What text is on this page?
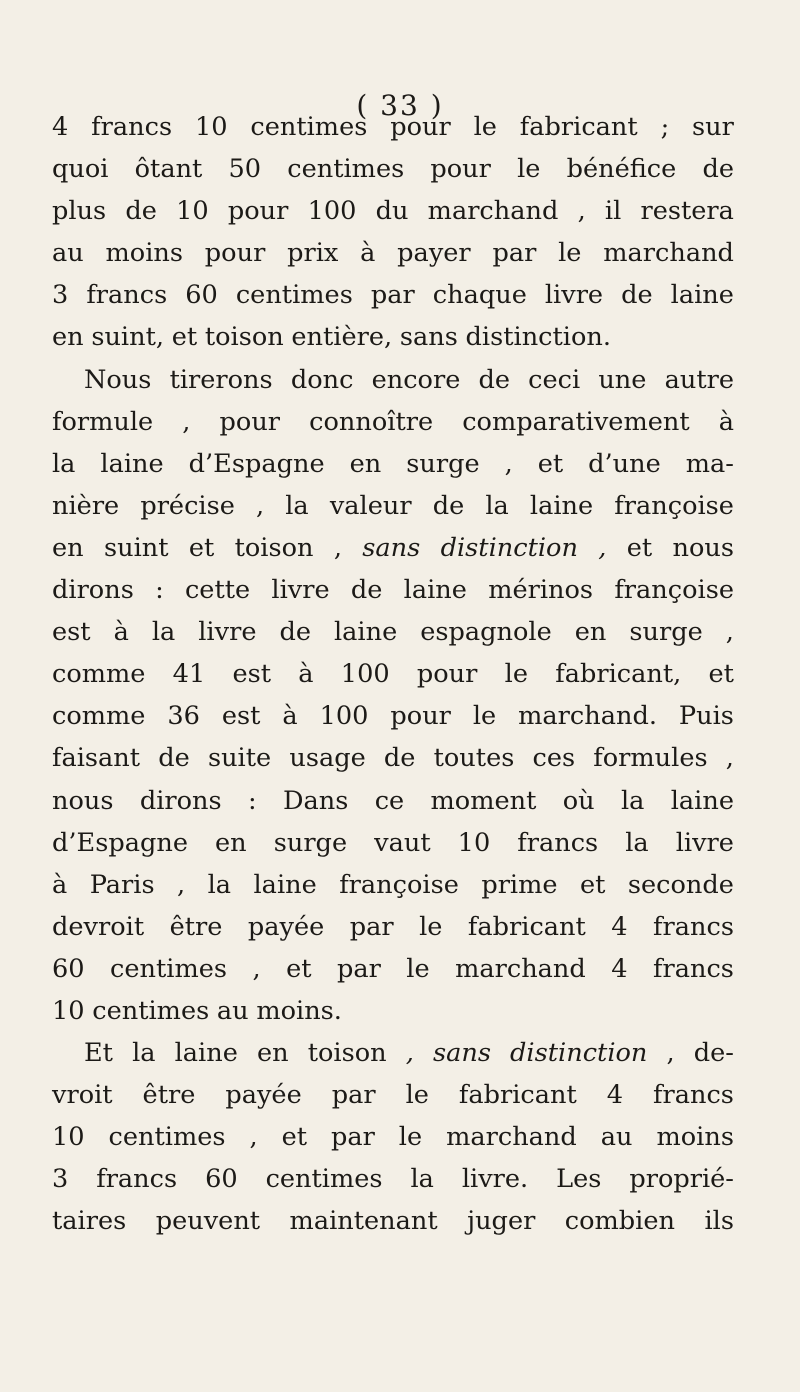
( 33 )
4 francs 10 centimes pour le fabricant ; sur
quoi ôtant 50 centimes pour le bénéfice de
plus de 10 pour 100 du marchand , il restera
au moins pour prix à payer par le marchand
3 francs 60 centimes par chaque livre de laine
en suint, et toison entière, sans distinction.
Nous tirerons donc encore de ceci une autre
formule , pour connoître comparativement à
la laine d’Espagne en surge , et d’une ma-
nière précise , la valeur de la laine françoise
en suint et toison , sans distinction , et nous
dirons : cette livre de laine mérinos françoise
est à la livre de laine espagnole en surge ,
comme 41 est à 100 pour le fabricant, et
comme 36 est à 100 pour le marchand. Puis
faisant de suite usage de toutes ces formules ,
nous dirons : Dans ce moment où la laine
d’Espagne en surge vaut 10 francs la livre
à Paris , la laine françoise prime et seconde
devroit être payée par le fabricant 4 francs
60 centimes , et par le marchand 4 francs
10 centimes au moins.
Et la laine en toison , sans distinction , de-
vroit être payée par le fabricant 4 francs
10 centimes , et par le marchand au moins
3 francs 60 centimes la livre. Les proprié-
taires peuvent maintenant juger combien ils
